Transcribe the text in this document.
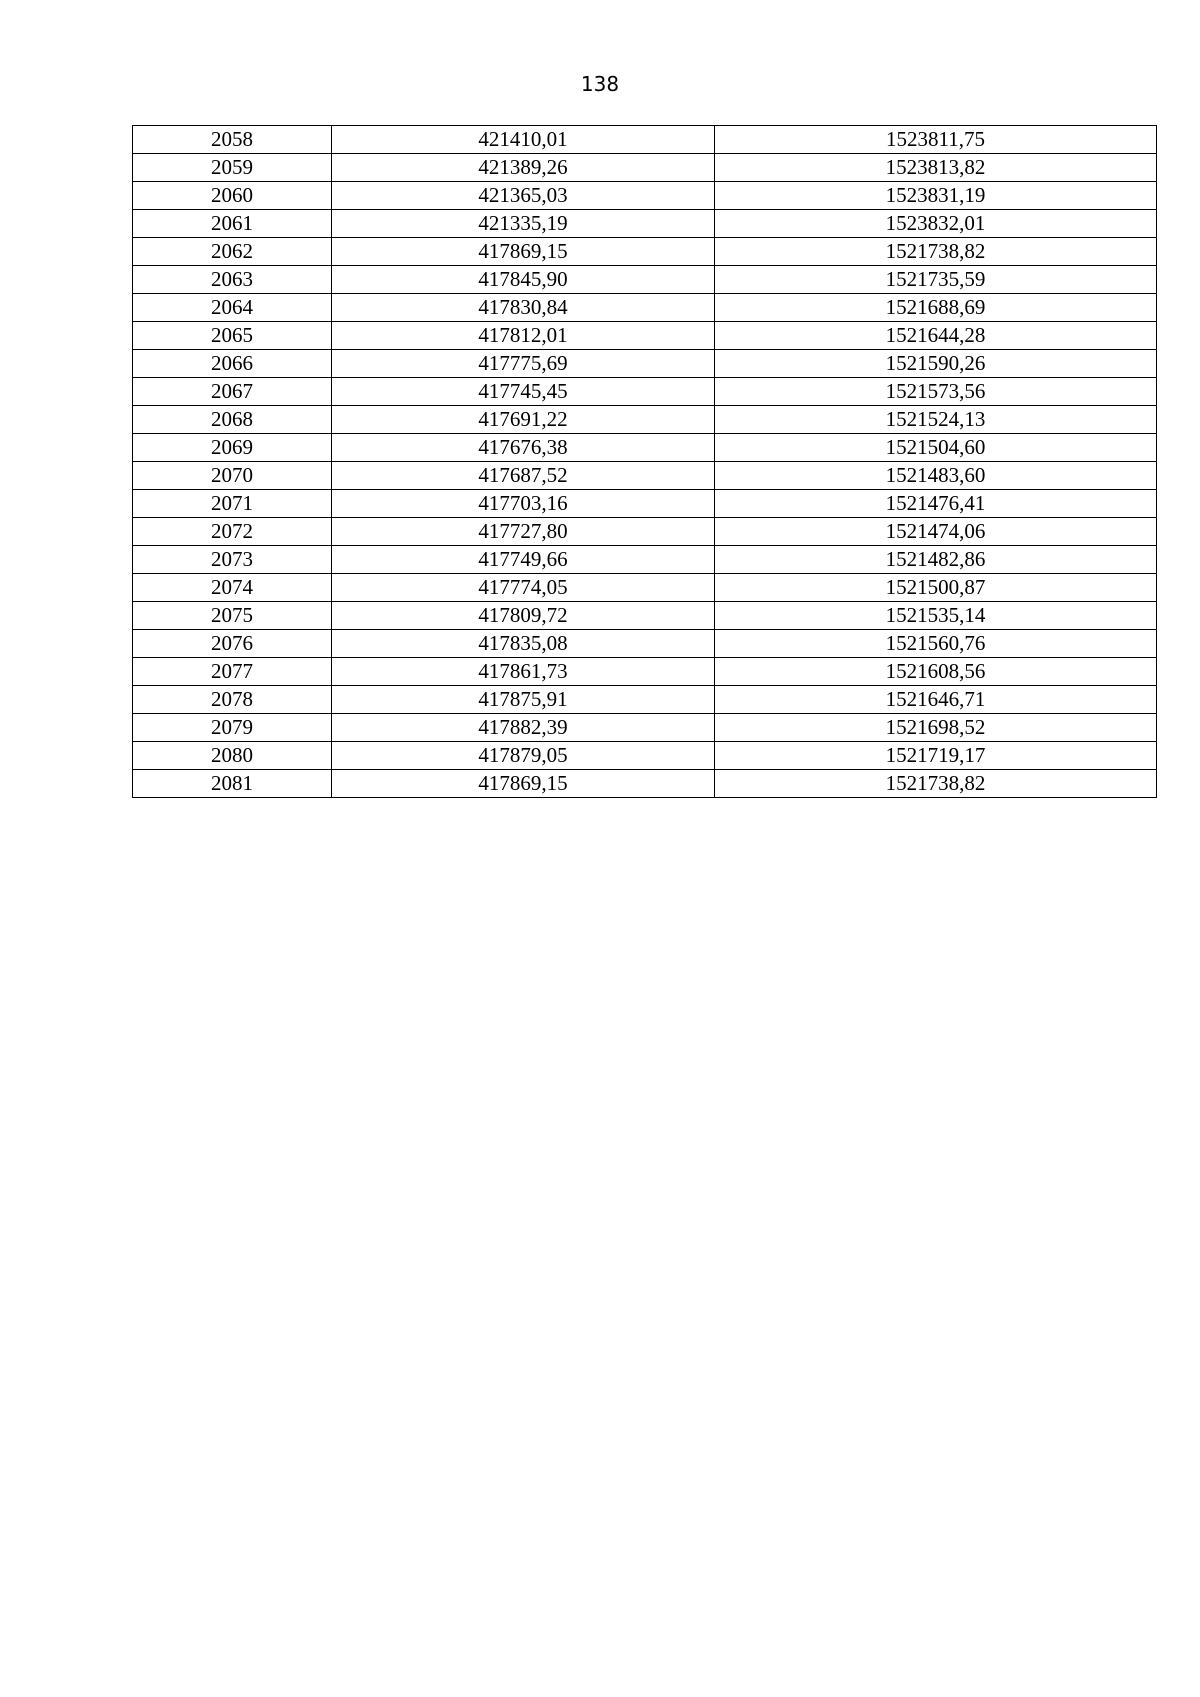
138
2058	421410,01	1523811,75
2059	421389,26	1523813,82
2060	421365,03	1523831,19
2061	421335,19	1523832,01
2062	417869,15	1521738,82
2063	417845,90	1521735,59
2064	417830,84	1521688,69
2065	417812,01	1521644,28
2066	417775,69	1521590,26
2067	417745,45	1521573,56
2068	417691,22	1521524,13
2069	417676,38	1521504,60
2070	417687,52	1521483,60
2071	417703,16	1521476,41
2072	417727,80	1521474,06
2073	417749,66	1521482,86
2074	417774,05	1521500,87
2075	417809,72	1521535,14
2076	417835,08	1521560,76
2077	417861,73	1521608,56
2078	417875,91	1521646,71
2079	417882,39	1521698,52
2080	417879,05	1521719,17
2081	417869,15	1521738,82
